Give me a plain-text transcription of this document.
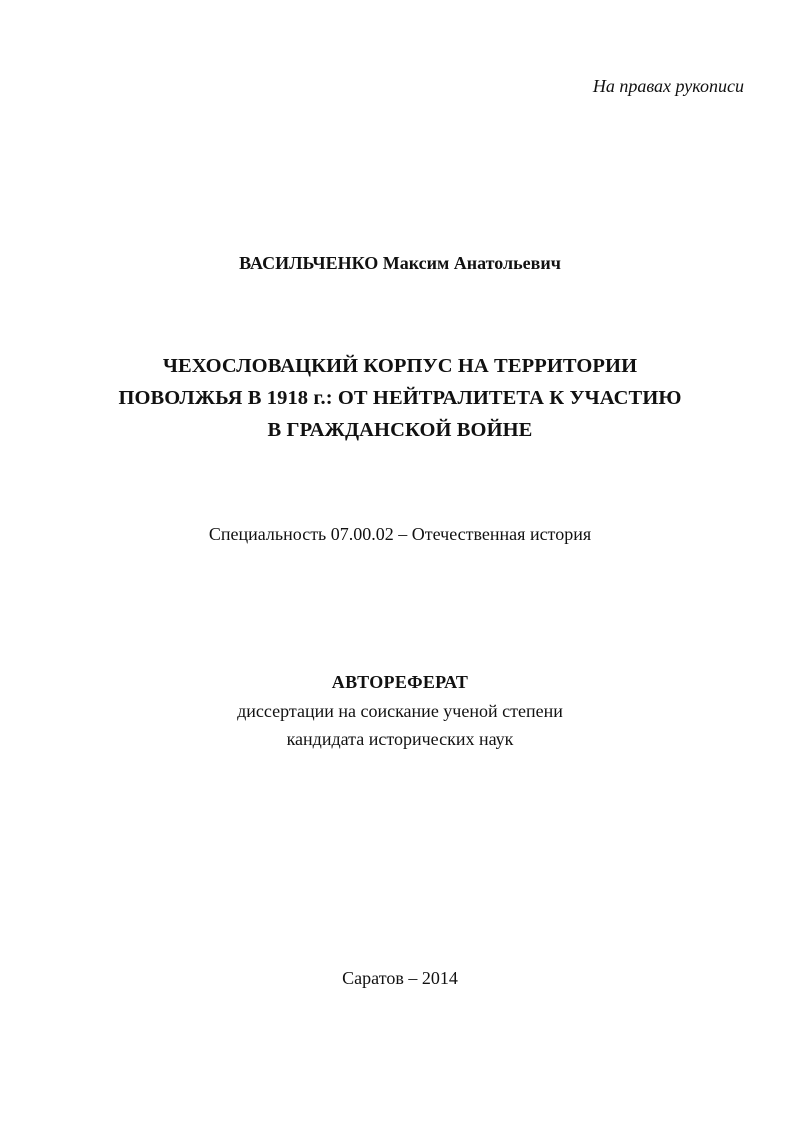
На правах рукописи

ВАСИЛЬЧЕНКО Максим Анатольевич

ЧЕХОСЛОВАЦКИЙ КОРПУС НА ТЕРРИТОРИИ

ПОВОЛЖЬЯ В 1918 г.: ОТ НЕЙТРАЛИТЕТА К УЧАСТИЮ

В ГРАЖДАНСКОЙ ВОЙНЕ

Специальность 07.00.02 – Отечественная история

АВТОРЕФЕРАТ

диссертации на соискание ученой степени

кандидата исторических наук

Саратов – 2014
